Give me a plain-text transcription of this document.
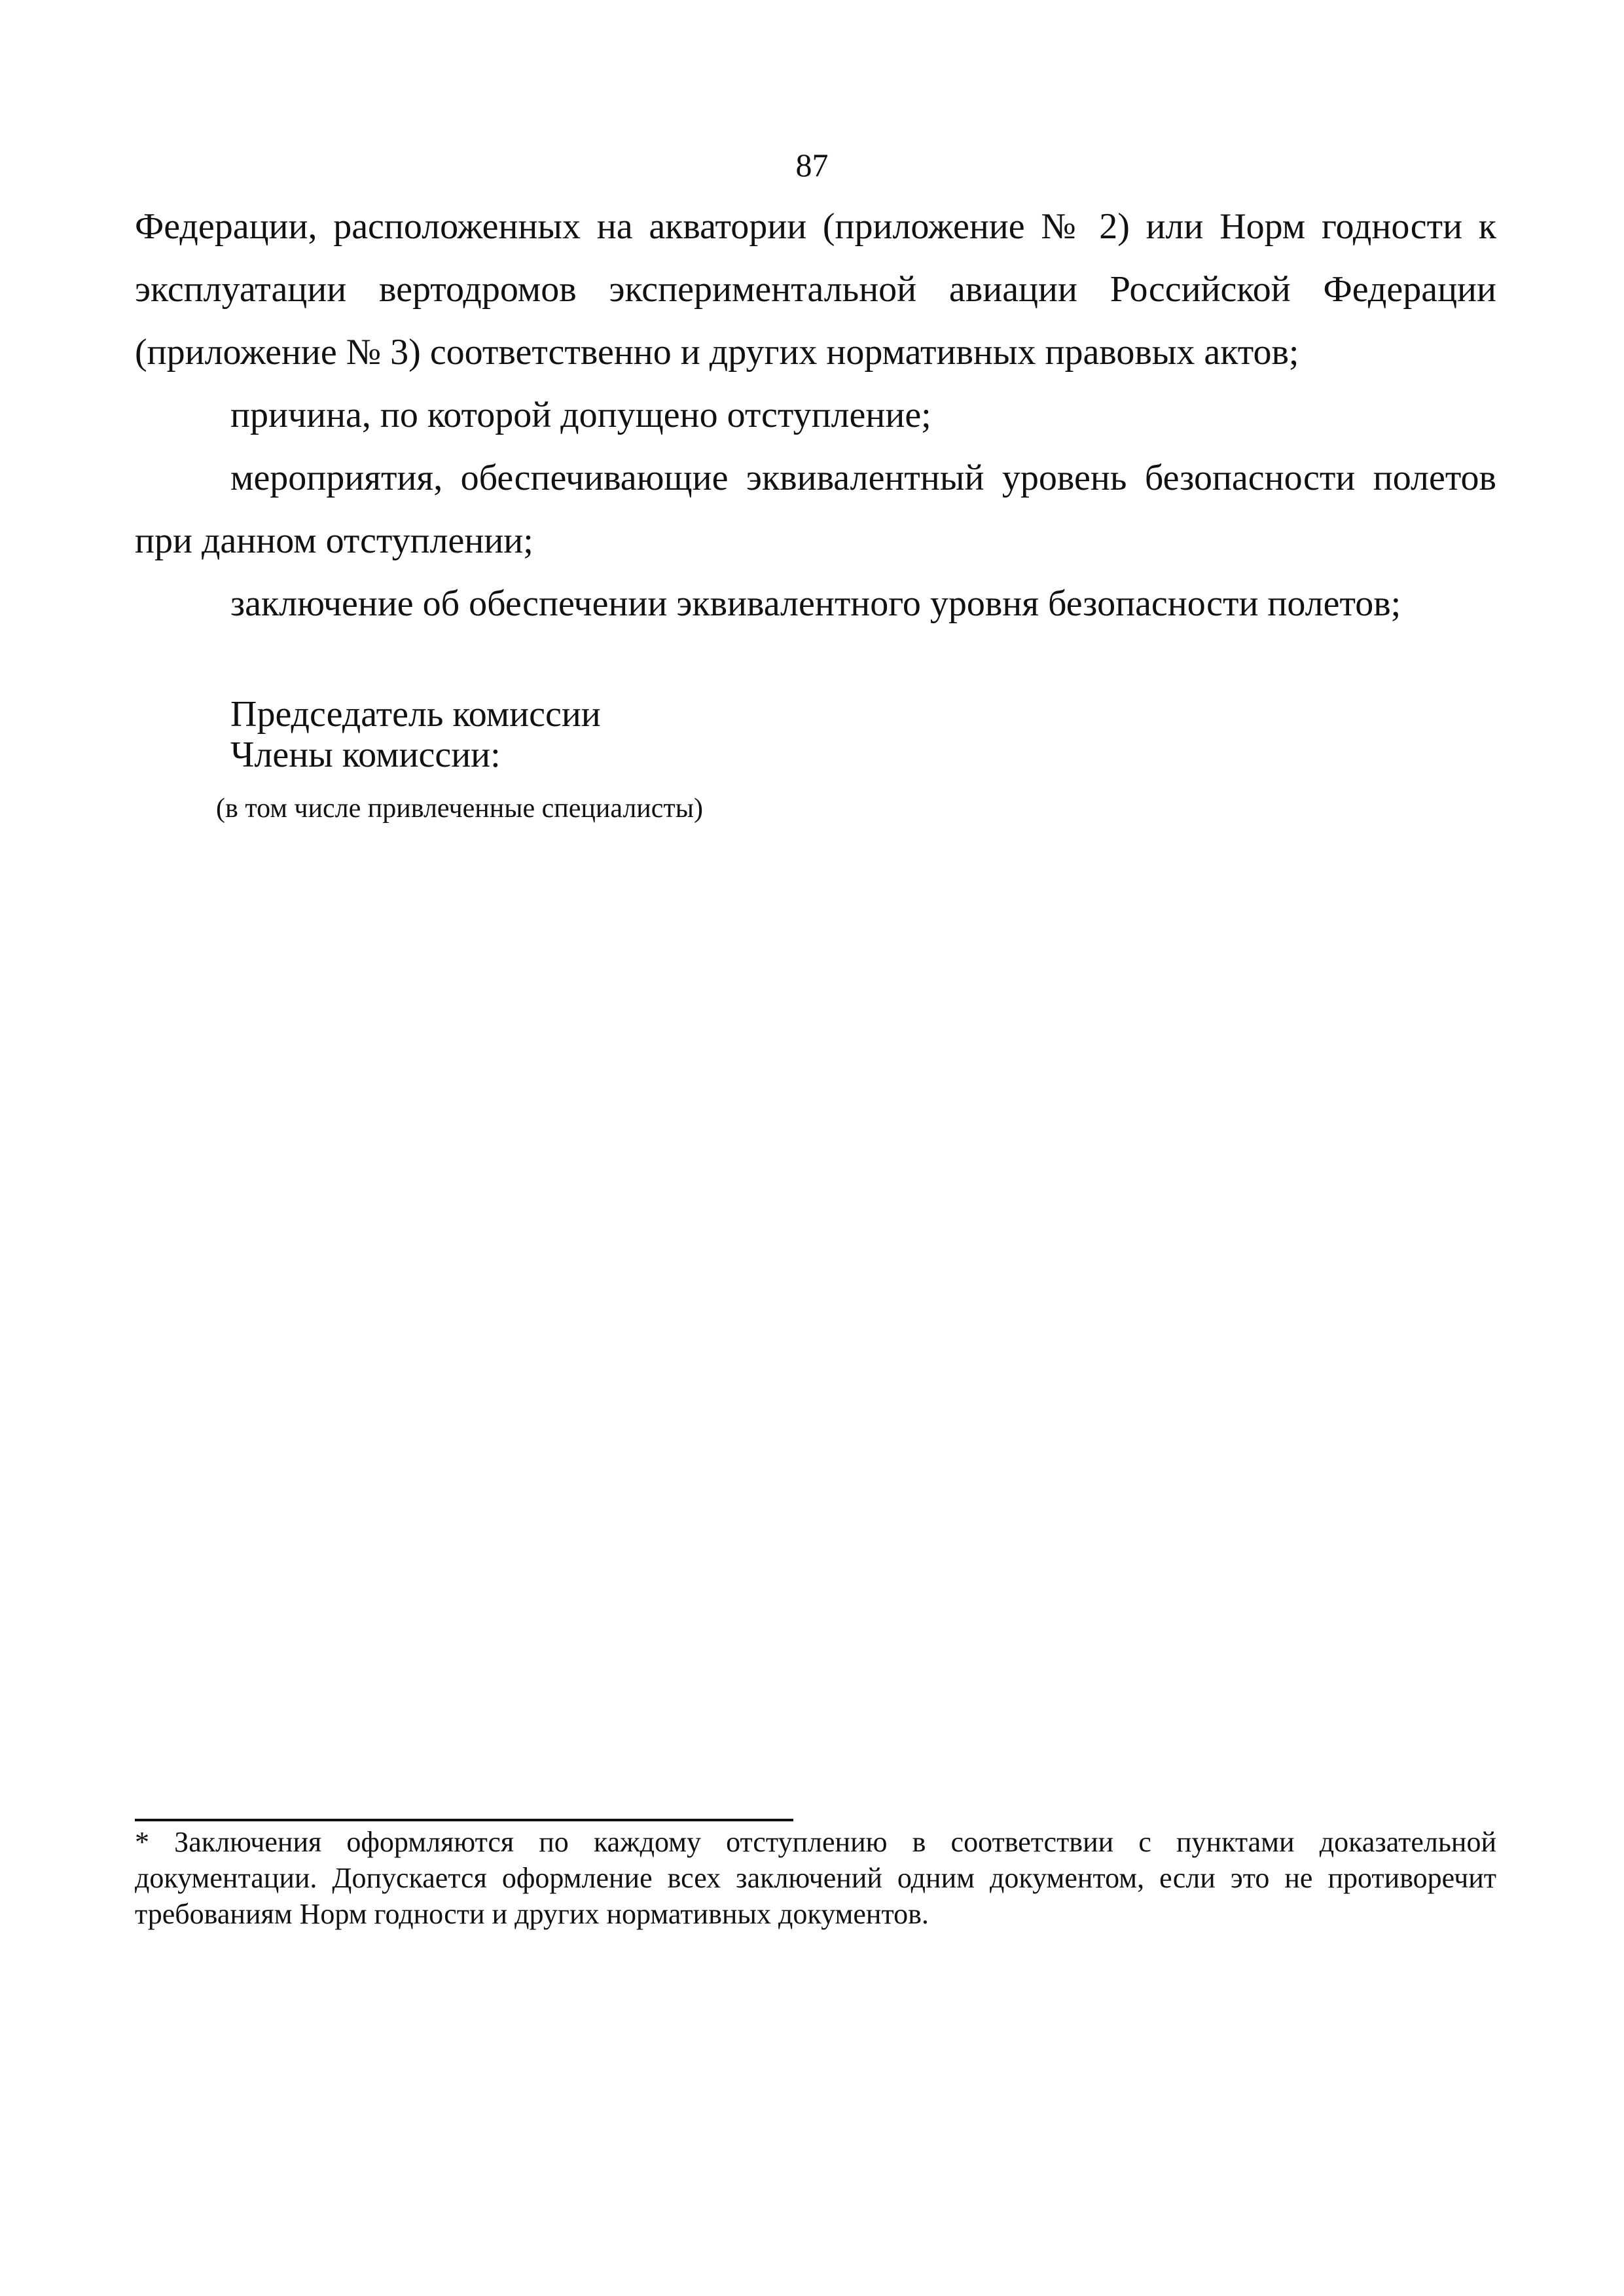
87

Федерации, расположенных на акватории (приложение № 2) или Норм годности к эксплуатации вертодромов экспериментальной авиации Российской Федерации (приложение № 3) соответственно и других нормативных правовых актов;

причина, по которой допущено отступление;

мероприятия, обеспечивающие эквивалентный уровень безопасности полетов при данном отступлении;

заключение об обеспечении эквивалентного уровня безопасности полетов;

Председатель комиссии

Члены комиссии:

(в том числе привлеченные специалисты)

* Заключения оформляются по каждому отступлению в соответствии с пунктами доказательной документации. Допускается оформление всех заключений одним документом, если это не противоречит требованиям Норм годности и других нормативных документов.
